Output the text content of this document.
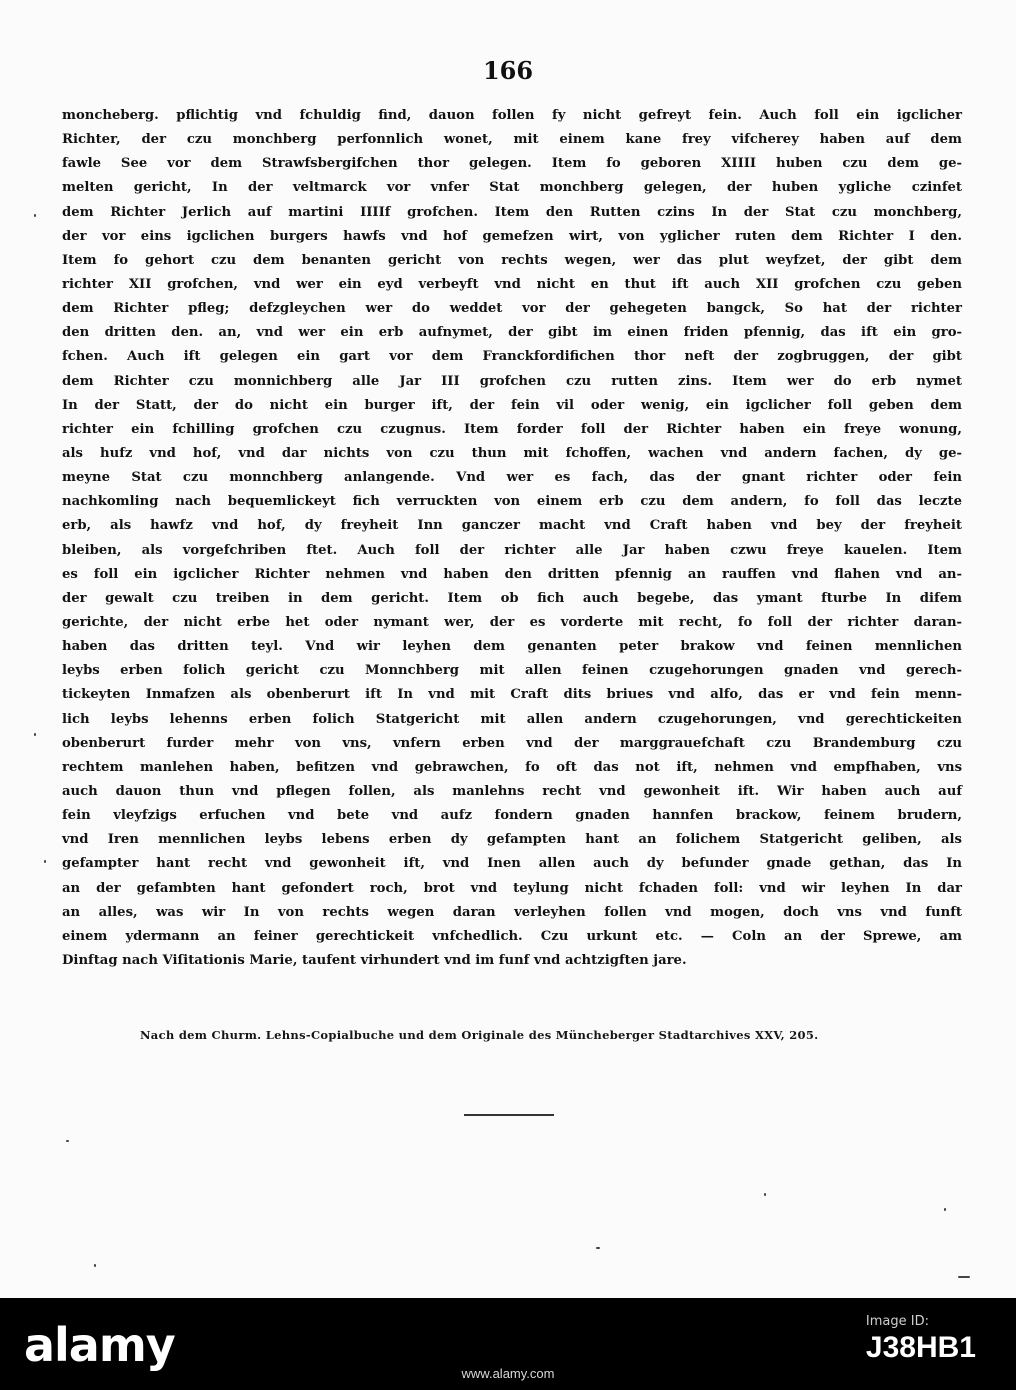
166
moncheberg. pflichtig vnd fchuldig find, dauon follen fy nicht gefreyt fein. Auch foll ein igclicher
Richter, der czu monchberg perfonnlich wonet, mit einem kane frey vifcherey haben auf dem
fawle See vor dem Strawfsbergifchen thor gelegen. Item fo geboren XIIII huben czu dem ge-
melten gericht, In der veltmarck vor vnfer Stat monchberg gelegen, der huben ygliche czinfet
dem Richter Jerlich auf martini IIIIf grofchen. Item den Rutten czins In der Stat czu monchberg,
der vor eins igclichen burgers hawfs vnd hof gemefzen wirt, von yglicher ruten dem Richter I den.
Item fo gehort czu dem benanten gericht von rechts wegen, wer das plut weyfzet, der gibt dem
richter XII grofchen, vnd wer ein eyd verbeyft vnd nicht en thut ift auch XII grofchen czu geben
dem Richter pfleg; defzgleychen wer do weddet vor der gehegeten bangck, So hat der richter
den dritten den. an, vnd wer ein erb aufnymet, der gibt im einen friden pfennig, das ift ein gro-
fchen. Auch ift gelegen ein gart vor dem Franckfordifichen thor neft der zogbruggen, der gibt
dem Richter czu monnichberg alle Jar III grofchen czu rutten zins. Item wer do erb nymet
In der Statt, der do nicht ein burger ift, der fein vil oder wenig, ein igclicher foll geben dem
richter ein fchilling grofchen czu czugnus. Item forder foll der Richter haben ein freye wonung,
als hufz vnd hof, vnd dar nichts von czu thun mit fchoffen, wachen vnd andern fachen, dy ge-
meyne Stat czu monnchberg anlangende. Vnd wer es fach, das der gnant richter oder fein
nachkomling nach bequemlickeyt fich verruckten von einem erb czu dem andern, fo foll das leczte
erb, als hawfz vnd hof, dy freyheit Inn ganczer macht vnd Craft haben vnd bey der freyheit
bleiben, als vorgefchriben ftet. Auch foll der richter alle Jar haben czwu freye kauelen. Item
es foll ein igclicher Richter nehmen vnd haben den dritten pfennig an rauffen vnd flahen vnd an-
der gewalt czu treiben in dem gericht. Item ob fich auch begebe, das ymant fturbe In difem
gerichte, der nicht erbe het oder nymant wer, der es vorderte mit recht, fo foll der richter daran-
haben das dritten teyl. Vnd wir leyhen dem genanten peter brakow vnd feinen mennlichen
leybs erben folich gericht czu Monnchberg mit allen feinen czugehorungen gnaden vnd gerech-
tickeyten Inmafzen als obenberurt ift In vnd mit Craft dits briues vnd alfo, das er vnd fein menn-
lich leybs lehenns erben folich Statgericht mit allen andern czugehorungen, vnd gerechtickeiten
obenberurt furder mehr von vns, vnfern erben vnd der marggrauefchaft czu Brandemburg czu
rechtem manlehen haben, befitzen vnd gebrawchen, fo oft das not ift, nehmen vnd empfhaben, vns
auch dauon thun vnd pflegen follen, als manlehns recht vnd gewonheit ift. Wir haben auch auf
fein vleyfzigs erfuchen vnd bete vnd aufz fondern gnaden hannfen brackow, feinem brudern,
vnd Iren mennlichen leybs lebens erben dy gefampten hant an folichem Statgericht geliben, als
gefampter hant recht vnd gewonheit ift, vnd Inen allen auch dy befunder gnade gethan, das In
an der gefambten hant gefondert roch, brot vnd teylung nicht fchaden foll: vnd wir leyhen In dar
an alles, was wir In von rechts wegen daran verleyhen follen vnd mogen, doch vns vnd funft
einem ydermann an feiner gerechtickeit vnfchedlich. Czu urkunt etc. — Coln an der Sprewe, am
Dinftag nach Viſitationis Marie, taufent virhundert vnd im funf vnd achtzigften jare.
Nach dem Churm. Lehns-Copialbuche und dem Originale des Müncheberger Stadtarchives XXV, 205.
alamy	Image ID:
J38HB1
www.alamy.com
